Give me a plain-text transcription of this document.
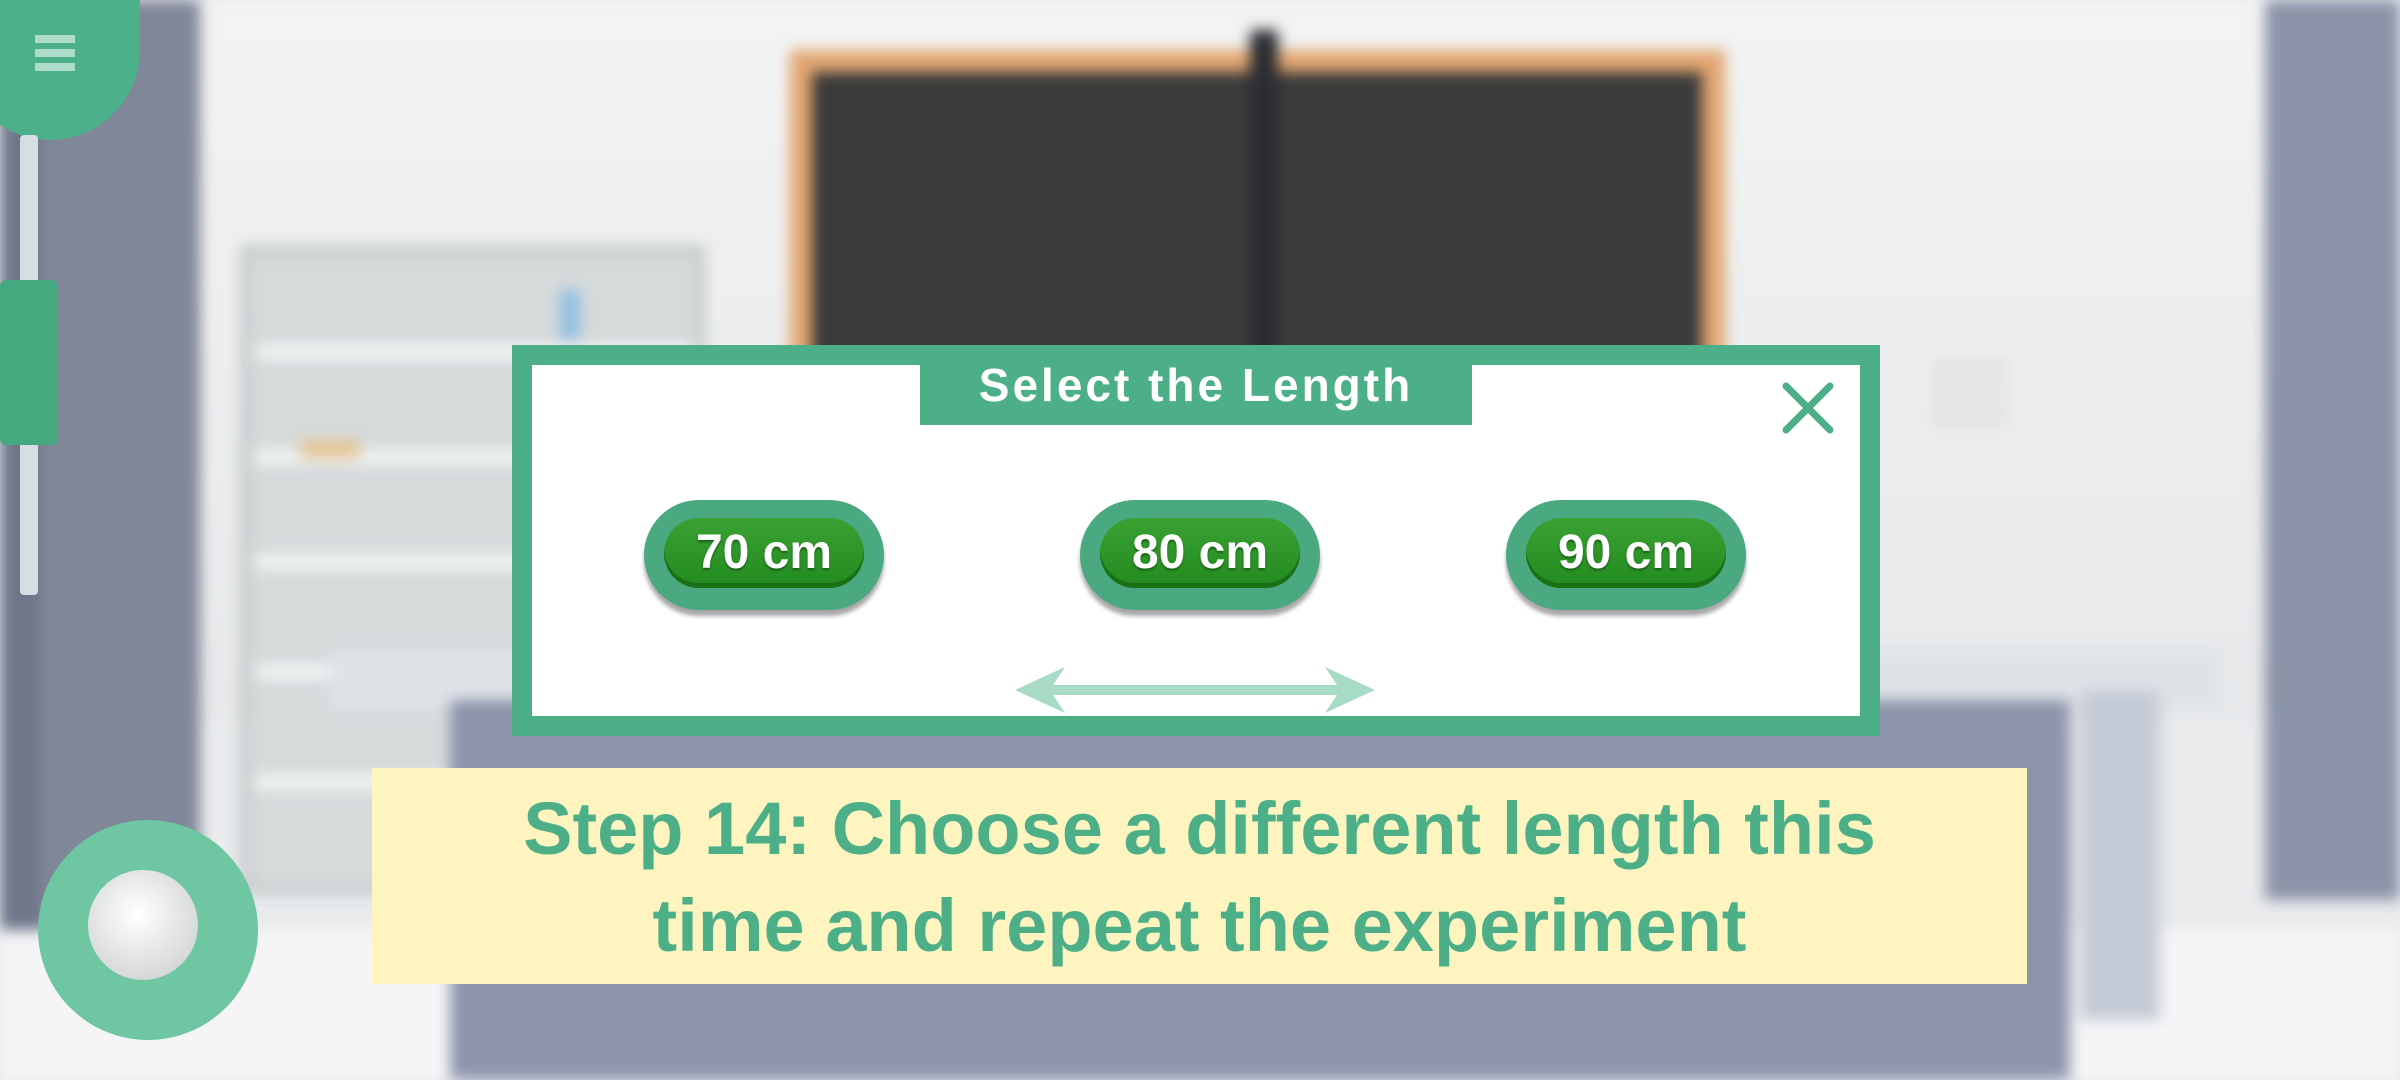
Select the Length
70 cm	80 cm	90 cm
Step 14: Choose a different length this
time and repeat the experiment
